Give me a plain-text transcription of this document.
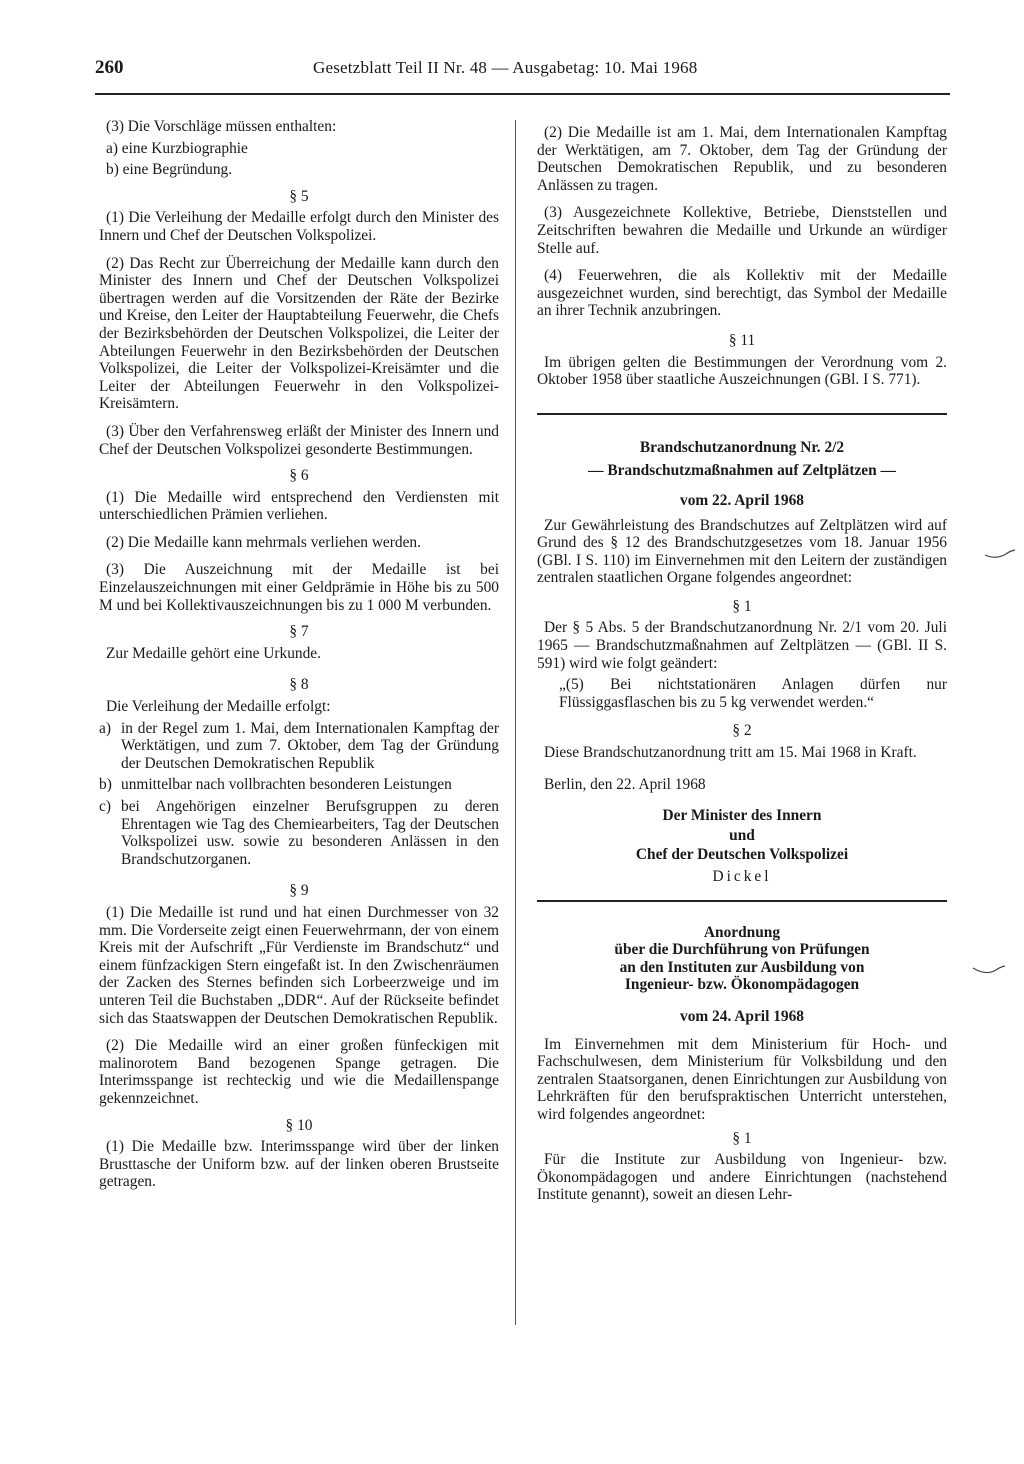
260	Gesetzblatt Teil II Nr. 48 — Ausgabetag: 10. Mai 1968

(3) Die Vorschläge müssen enthalten:

a) eine Kurzbiographie

b) eine Begründung.

§ 5

(1) Die Verleihung der Medaille erfolgt durch den Minister des Innern und Chef der Deutschen Volkspolizei.

(2) Das Recht zur Überreichung der Medaille kann durch den Minister des Innern und Chef der Deutschen Volkspolizei übertragen werden auf die Vorsitzenden der Räte der Bezirke und Kreise, den Leiter der Hauptabteilung Feuerwehr, die Chefs der Bezirksbehörden der Deutschen Volkspolizei, die Leiter der Abteilungen Feuerwehr in den Bezirksbehörden der Deutschen Volkspolizei, die Leiter der Volkspolizei-Kreisämter und die Leiter der Abteilungen Feuerwehr in den Volkspolizei-Kreisämtern.

(3) Über den Verfahrensweg erläßt der Minister des Innern und Chef der Deutschen Volkspolizei gesonderte Bestimmungen.

§ 6

(1) Die Medaille wird entsprechend den Verdiensten mit unterschiedlichen Prämien verliehen.

(2) Die Medaille kann mehrmals verliehen werden.

(3) Die Auszeichnung mit der Medaille ist bei Einzelauszeichnungen mit einer Geldprämie in Höhe bis zu 500 M und bei Kollektivauszeichnungen bis zu 1 000 M verbunden.

§ 7

Zur Medaille gehört eine Urkunde.

§ 8

Die Verleihung der Medaille erfolgt:

a) in der Regel zum 1. Mai, dem Internationalen Kampftag der Werktätigen, und zum 7. Oktober, dem Tag der Gründung der Deutschen Demokratischen Republik
b) unmittelbar nach vollbrachten besonderen Leistungen
c) bei Angehörigen einzelner Berufsgruppen zu deren Ehrentagen wie Tag des Chemiearbeiters, Tag der Deutschen Volkspolizei usw. sowie zu besonderen Anlässen in den Brandschutzorganen.

§ 9

(1) Die Medaille ist rund und hat einen Durchmesser von 32 mm. Die Vorderseite zeigt einen Feuerwehrmann, der von einem Kreis mit der Aufschrift „Für Verdienste im Brandschutz“ und einem fünfzackigen Stern eingefaßt ist. In den Zwischenräumen der Zacken des Sternes befinden sich Lorbeerzweige und im unteren Teil die Buchstaben „DDR“. Auf der Rückseite befindet sich das Staatswappen der Deutschen Demokratischen Republik.

(2) Die Medaille wird an einer großen fünfeckigen mit malinorotem Band bezogenen Spange getragen. Die Interimsspange ist rechteckig und wie die Medaillenspange gekennzeichnet.

§ 10

(1) Die Medaille bzw. Interimsspange wird über der linken Brusttasche der Uniform bzw. auf der linken oberen Brustseite getragen.

(2) Die Medaille ist am 1. Mai, dem Internationalen Kampftag der Werktätigen, am 7. Oktober, dem Tag der Gründung der Deutschen Demokratischen Republik, und zu besonderen Anlässen zu tragen.

(3) Ausgezeichnete Kollektive, Betriebe, Dienststellen und Zeitschriften bewahren die Medaille und Urkunde an würdiger Stelle auf.

(4) Feuerwehren, die als Kollektiv mit der Medaille ausgezeichnet wurden, sind berechtigt, das Symbol der Medaille an ihrer Technik anzubringen.

§ 11

Im übrigen gelten die Bestimmungen der Verordnung vom 2. Oktober 1958 über staatliche Auszeichnungen (GBl. I S. 771).

Brandschutzanordnung Nr. 2/2

— Brandschutzmaßnahmen auf Zeltplätzen —

vom 22. April 1968

Zur Gewährleistung des Brandschutzes auf Zeltplätzen wird auf Grund des § 12 des Brandschutzgesetzes vom 18. Januar 1956 (GBl. I S. 110) im Einvernehmen mit den Leitern der zuständigen zentralen staatlichen Organe folgendes angeordnet:

§ 1

Der § 5 Abs. 5 der Brandschutzanordnung Nr. 2/1 vom 20. Juli 1965 — Brandschutzmaßnahmen auf Zeltplätzen — (GBl. II S. 591) wird wie folgt geändert:

„(5) Bei nichtstationären Anlagen dürfen nur Flüssiggasflaschen bis zu 5 kg verwendet werden.“

§ 2

Diese Brandschutzanordnung tritt am 15. Mai 1968 in Kraft.

Berlin, den 22. April 1968

Der Minister des Innern

und

Chef der Deutschen Volkspolizei

Dickel

Anordnung

über die Durchführung von Prüfungen

an den Instituten zur Ausbildung von

Ingenieur- bzw. Ökonompädagogen

vom 24. April 1968

Im Einvernehmen mit dem Ministerium für Hoch- und Fachschulwesen, dem Ministerium für Volksbildung und den zentralen Staatsorganen, denen Einrichtungen zur Ausbildung von Lehrkräften für den berufspraktischen Unterricht unterstehen, wird folgendes angeordnet:

§ 1

Für die Institute zur Ausbildung von Ingenieur- bzw. Ökonompädagogen und andere Einrichtungen (nachstehend Institute genannt), soweit an diesen Lehr-
